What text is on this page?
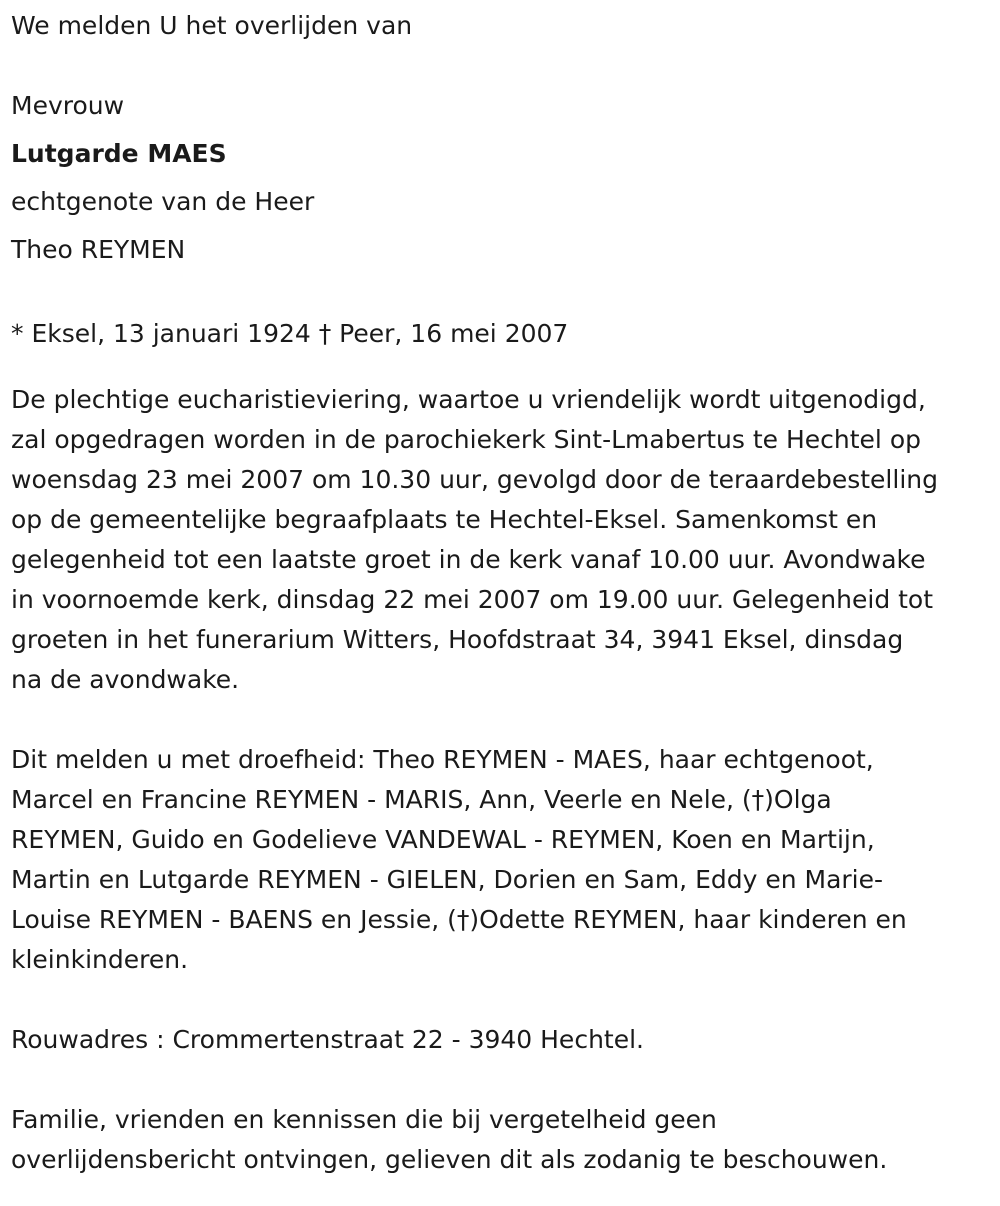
We melden U het overlijden van

Mevrouw

Lutgarde MAES

echtgenote van de Heer

Theo REYMEN

* Eksel, 13 januari 1924 † Peer, 16 mei 2007

De plechtige eucharistieviering, waartoe u vriendelijk wordt uitgenodigd,
zal opgedragen worden in de parochiekerk Sint-Lmabertus te Hechtel op
woensdag 23 mei 2007 om 10.30 uur, gevolgd door de teraardebestelling
op de gemeentelijke begraafplaats te Hechtel-Eksel. Samenkomst en
gelegenheid tot een laatste groet in de kerk vanaf 10.00 uur. Avondwake
in voornoemde kerk, dinsdag 22 mei 2007 om 19.00 uur. Gelegenheid tot
groeten in het funerarium Witters, Hoofdstraat 34, 3941 Eksel, dinsdag
na de avondwake.

Dit melden u met droefheid: Theo REYMEN - MAES, haar echtgenoot,
Marcel en Francine REYMEN - MARIS, Ann, Veerle en Nele, (†)Olga
REYMEN, Guido en Godelieve VANDEWAL - REYMEN, Koen en Martijn,
Martin en Lutgarde REYMEN - GIELEN, Dorien en Sam, Eddy en Marie-
Louise REYMEN - BAENS en Jessie, (†)Odette REYMEN, haar kinderen en
kleinkinderen.

Rouwadres : Crommertenstraat 22 - 3940 Hechtel.

Familie, vrienden en kennissen die bij vergetelheid geen
overlijdensbericht ontvingen, gelieven dit als zodanig te beschouwen.
